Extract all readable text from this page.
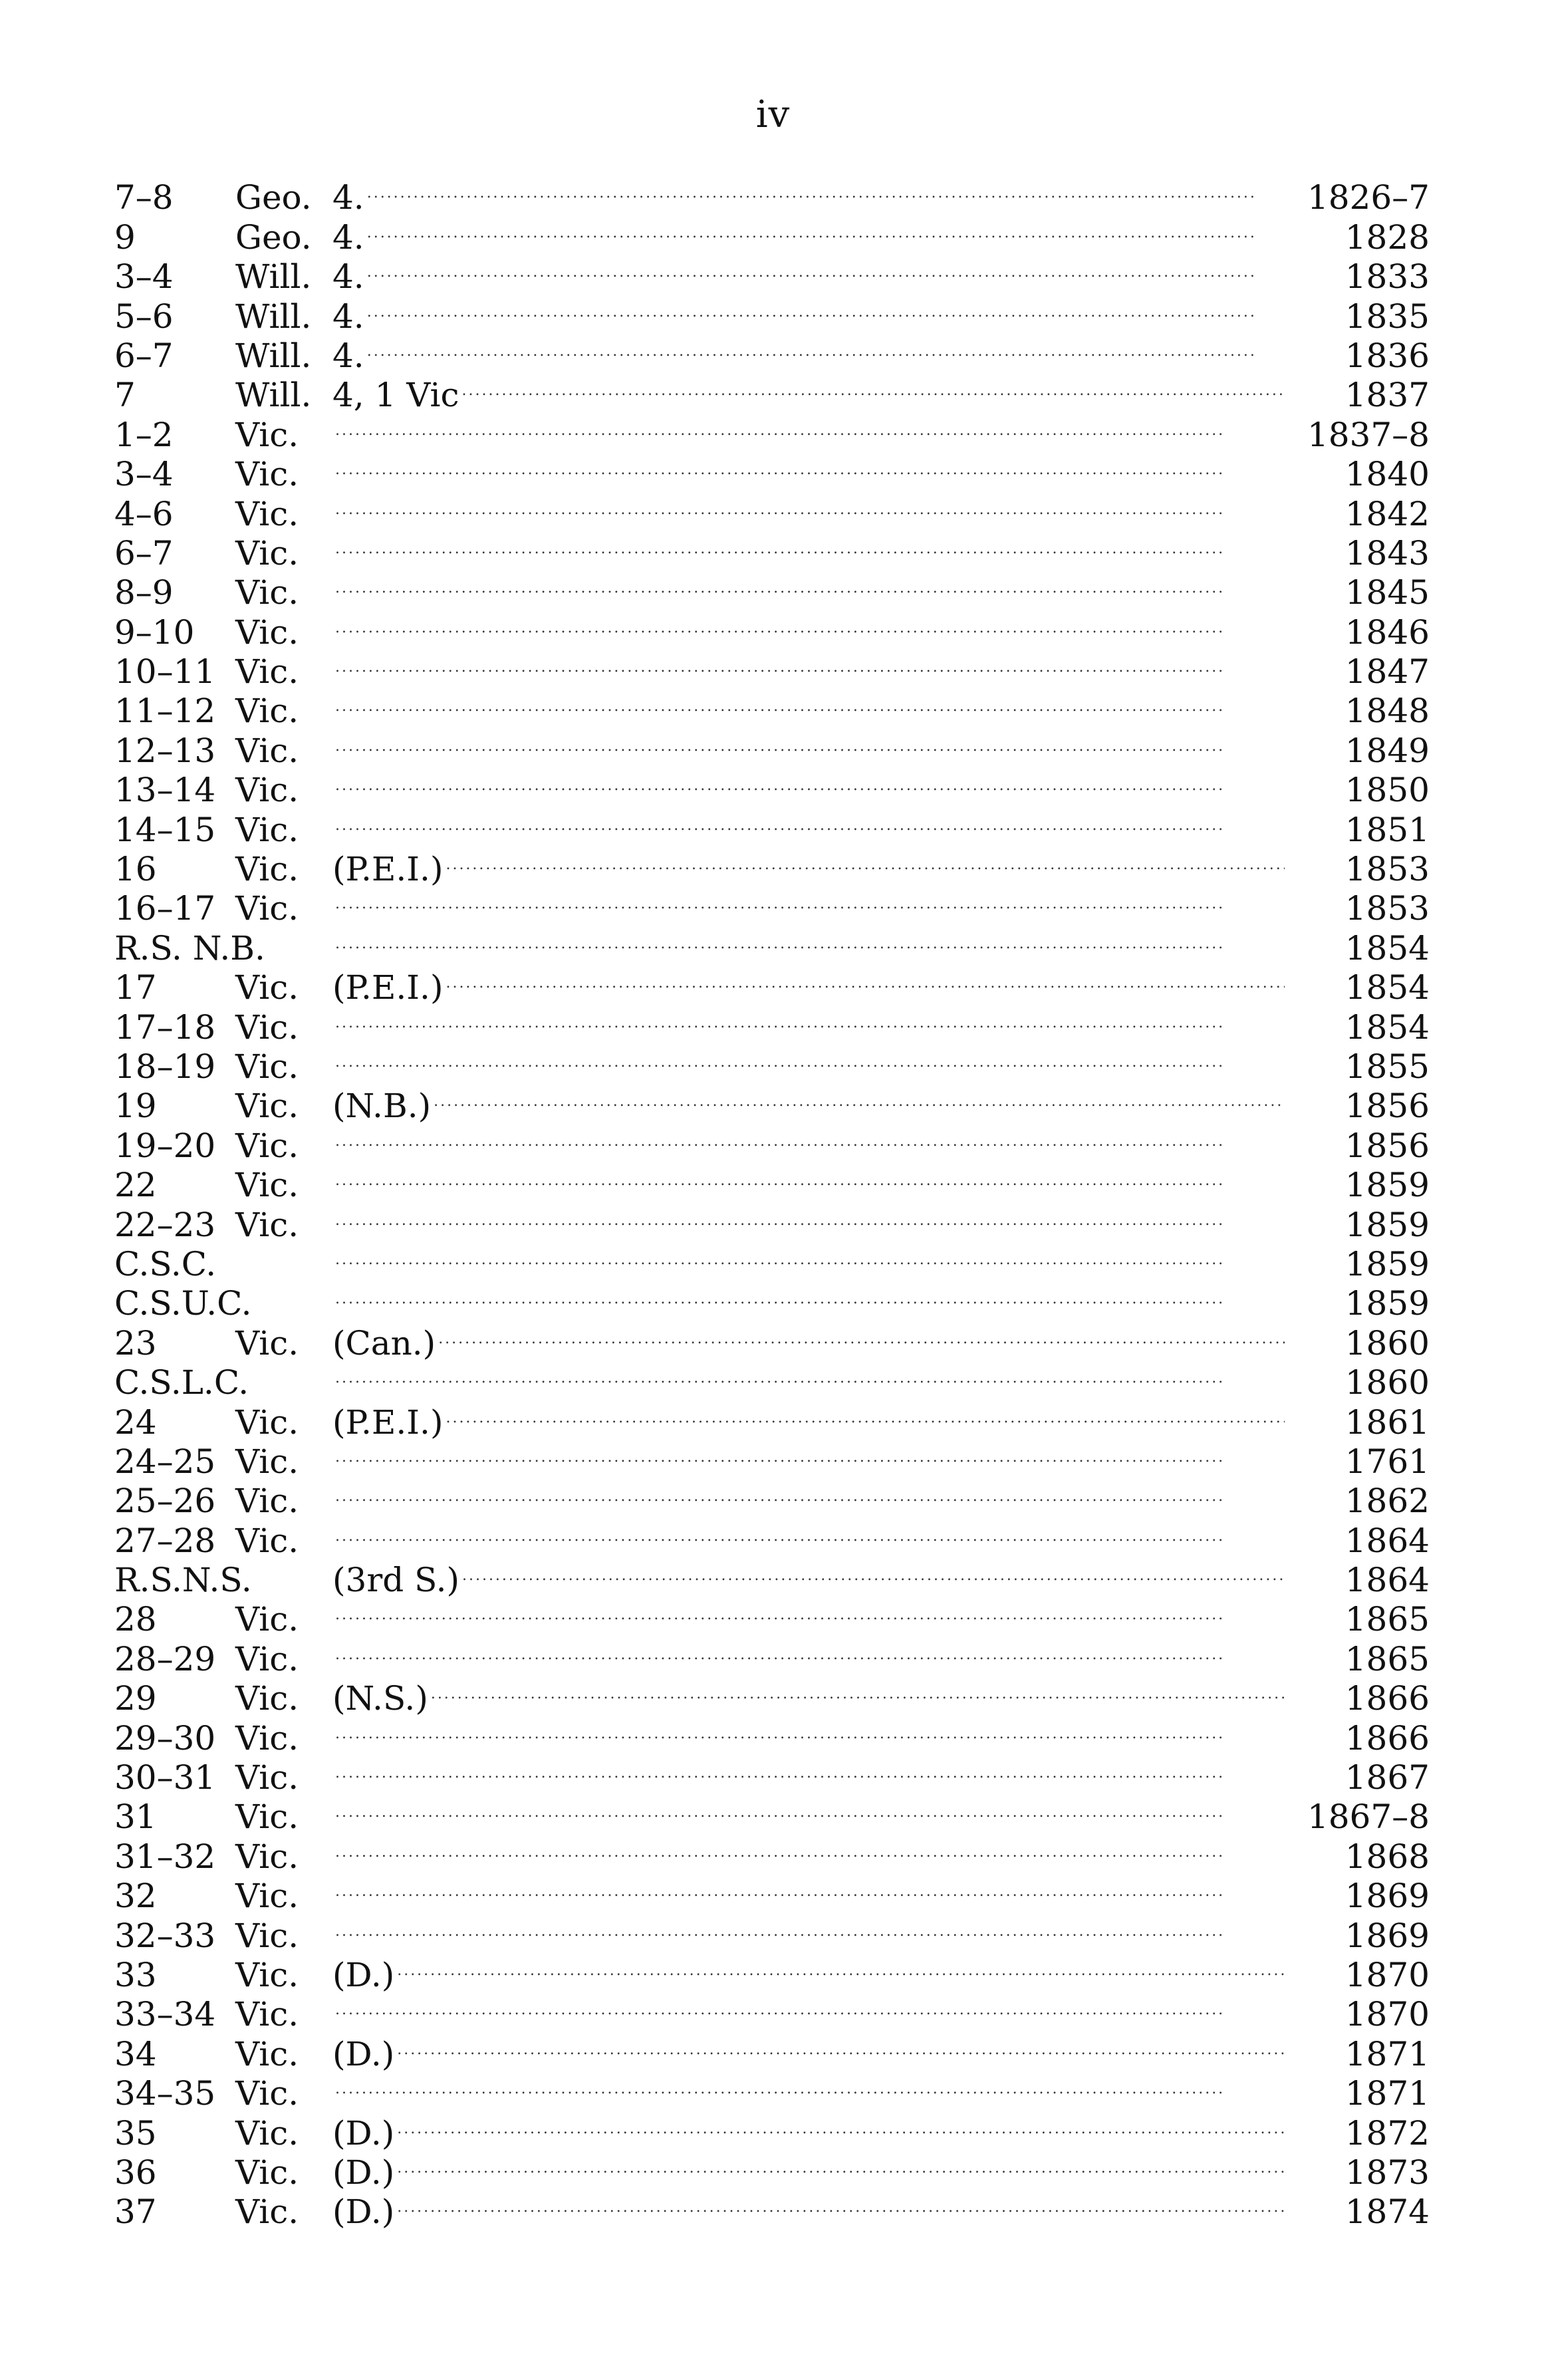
iv
7–8	Geo. 4. . . .	1826–7
9	Geo. 4. . . .	1828
3–4	Will. 4. . . .	1833
5–6	Will. 4. . . .	1835
6–7	Will. 4. . . .	1836
7	Will. 4, 1 Vic . . .	1837
1–2	Vic. . . .	1837–8
3–4	Vic. . . .	1840
4–6	Vic. . . .	1842
6–7	Vic. . . .	1843
8–9	Vic. . . .	1845
9–10	Vic. . . .	1846
10–11 Vic. . . .	1847
11–12 Vic. . . .	1848
12–13 Vic. . . .	1849
13–14 Vic. . . .	1850
14–15 Vic. . . .	1851
16	Vic.	(P.E.I.) . . .	1853
16–17 Vic. . . .	1853
R.S. N.B. . . .	1854
17	Vic.	(P.E.I.) . . .	1854
17–18 Vic. . . .	1854
18–19 Vic. . . .	1855
19	Vic.	(N.B.) . . .	1856
19–20 Vic. . . .	1856
22	Vic. . . .	1859
22–23 Vic. . . .	1859
C.S.C. . . .	1859
C.S.U.C. . . .	1859
23	Vic.	(Can.) . . .	1860
C.S.L.C. . . .	1860
24	Vic.	(P.E.I.) . . .	1861
24–25 Vic. . . .	1761
25–26 Vic. . . .	1862
27–28 Vic. . . .	1864
R.S.N.S. (3rd S.) . . .	1864
28	Vic. . . .	1865
28–29 Vic. . . .	1865
29	Vic.	(N.S.) . . .	1866
29–30 Vic. . . .	1866
30–31 Vic. . . .	1867
31	Vic. . . .	1867–8
31–32 Vic. . . .	1868
32	Vic. . . .	1869
32–33 Vic. . . .	1869
33	Vic.	(D.) . . .	1870
33–34 Vic. . . .	1870
34	Vic.	(D.) . . .	1871
34–35 Vic. . . .	1871
35	Vic.	(D.) . . .	1872
36	Vic.	(D.) . . .	1873
37	Vic.	(D.) . . .	1874
